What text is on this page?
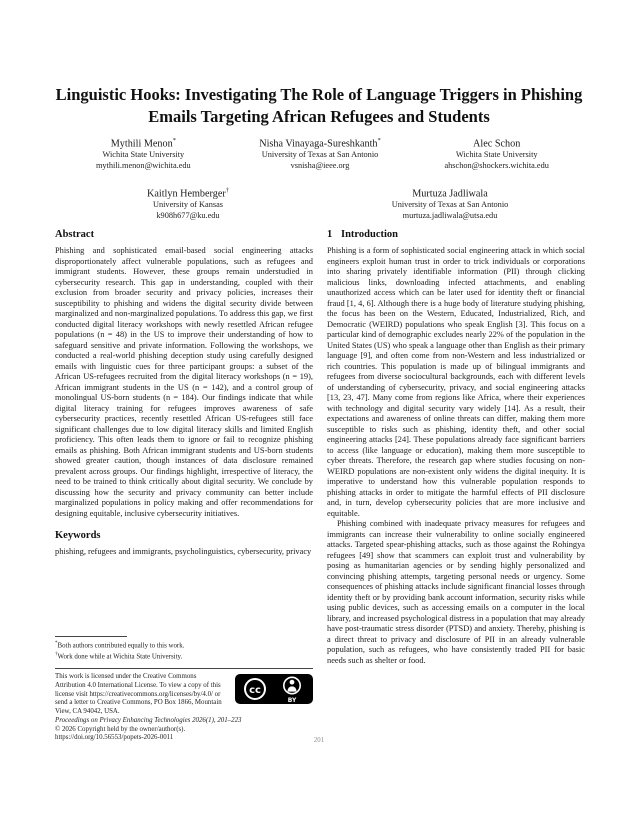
Linguistic Hooks: Investigating The Role of Language Triggers in Phishing Emails Targeting African Refugees and Students
Mythili Menon*
Wichita State University
mythili.menon@wichita.edu
Nisha Vinayaga-Sureshkanth*
University of Texas at San Antonio
vsnisha@ieee.org
Alec Schon
Wichita State University
ahschon@shockers.wichita.edu
Kaitlyn Hemberger†
University of Kansas
k908h677@ku.edu
Murtuza Jadliwala
University of Texas at San Antonio
murtuza.jadliwala@utsa.edu
Abstract

Phishing and sophisticated email-based social engineering attacks disproportionately affect vulnerable populations, such as refugees and immigrant students. However, these groups remain understudied in cybersecurity research. This gap in understanding, coupled with their exclusion from broader security and privacy policies, increases their susceptibility to phishing and widens the digital security divide between marginalized and non-marginalized populations. To address this gap, we first conducted digital literacy workshops with newly resettled African refugee populations (n = 48) in the US to improve their understanding of how to safeguard sensitive and private information. Following the workshops, we conducted a real-world phishing deception study using carefully designed emails with linguistic cues for three participant groups: a subset of the African US-refugees recruited from the digital literacy workshops (n = 19), African immigrant students in the US (n = 142), and a control group of monolingual US-born students (n = 184). Our findings indicate that while digital literacy training for refugees improves awareness of safe cybersecurity practices, recently resettled African US-refugees still face significant challenges due to low digital literacy skills and limited English proficiency. This often leads them to ignore or fail to recognize phishing emails as phishing. Both African immigrant students and US-born students showed greater caution, though instances of data disclosure remained prevalent across groups. Our findings highlight, irrespective of literacy, the need to be trained to think critically about digital security. We conclude by discussing how the security and privacy community can better include marginalized populations in policy making and offer recommendations for designing equitable, inclusive cybersecurity initiatives.

Keywords

phishing, refugees and immigrants, psycholinguistics, cybersecurity, privacy

*Both authors contributed equally to this work.

†Work done while at Wichita State University.

cc
BY

This work is licensed under the Creative Commons Attribution 4.0 International License. To view a copy of this license visit https://creativecommons.org/licenses/by/4.0/ or send a letter to Creative Commons, PO Box 1866, Mountain View, CA 94042, USA.

Proceedings on Privacy Enhancing Technologies 2026(1), 201–223

© 2026 Copyright held by the owner/author(s).

https://doi.org/10.56553/popets-2026-0011

1 Introduction

Phishing is a form of sophisticated social engineering attack in which social engineers exploit human trust in order to trick individuals or corporations into sharing privately identifiable information (PII) through clicking malicious links, downloading infected attachments, and enabling unauthorized access which can be later used for identity theft or financial fraud [1, 4, 6]. Although there is a huge body of literature studying phishing, the focus has been on the Western, Educated, Industrialized, Rich, and Democratic (WEIRD) populations who speak English [3]. This focus on a particular kind of demographic excludes nearly 22% of the population in the United States (US) who speak a language other than English as their primary language [9], and often come from non-Western and less industrialized or rich countries. This population is made up of bilingual immigrants and refugees from diverse sociocultural backgrounds, each with different levels of understanding of cybersecurity, privacy, and social engineering attacks [13, 23, 47]. Many come from regions like Africa, where their experiences with technology and digital security vary widely [14]. As a result, their expectations and awareness of online threats can differ, making them more susceptible to risks such as phishing, identity theft, and other social engineering attacks [24]. These populations already face significant barriers to access (like language or education), making them more susceptible to cyber threats. Therefore, the research gap where studies focusing on non-WEIRD populations are non-existent only widens the digital inequity. It is imperative to understand how this vulnerable population responds to phishing attacks in order to mitigate the harmful effects of PII disclosure and, in turn, develop cybersecurity policies that are more inclusive and equitable.

Phishing combined with inadequate privacy measures for refugees and immigrants can increase their vulnerability to online socially engineered attacks. Targeted spear-phishing attacks, such as those against the Rohingya refugees [49] show that scammers can exploit trust and vulnerability by posing as humanitarian agencies or by sending highly personalized and convincing phishing attempts, targeting personal needs or urgency. Some consequences of phishing attacks include significant financial losses through identity theft or by providing bank account information, security risks while using public devices, such as accessing emails on a computer in the local library, and increased psychological distress in a population that may already have post-traumatic stress disorder (PTSD) and anxiety. Thereby, phishing is a direct threat to privacy and disclosure of PII in an already vulnerable population, such as refugees, who have consistently traded PII for basic needs such as shelter or food.

201
